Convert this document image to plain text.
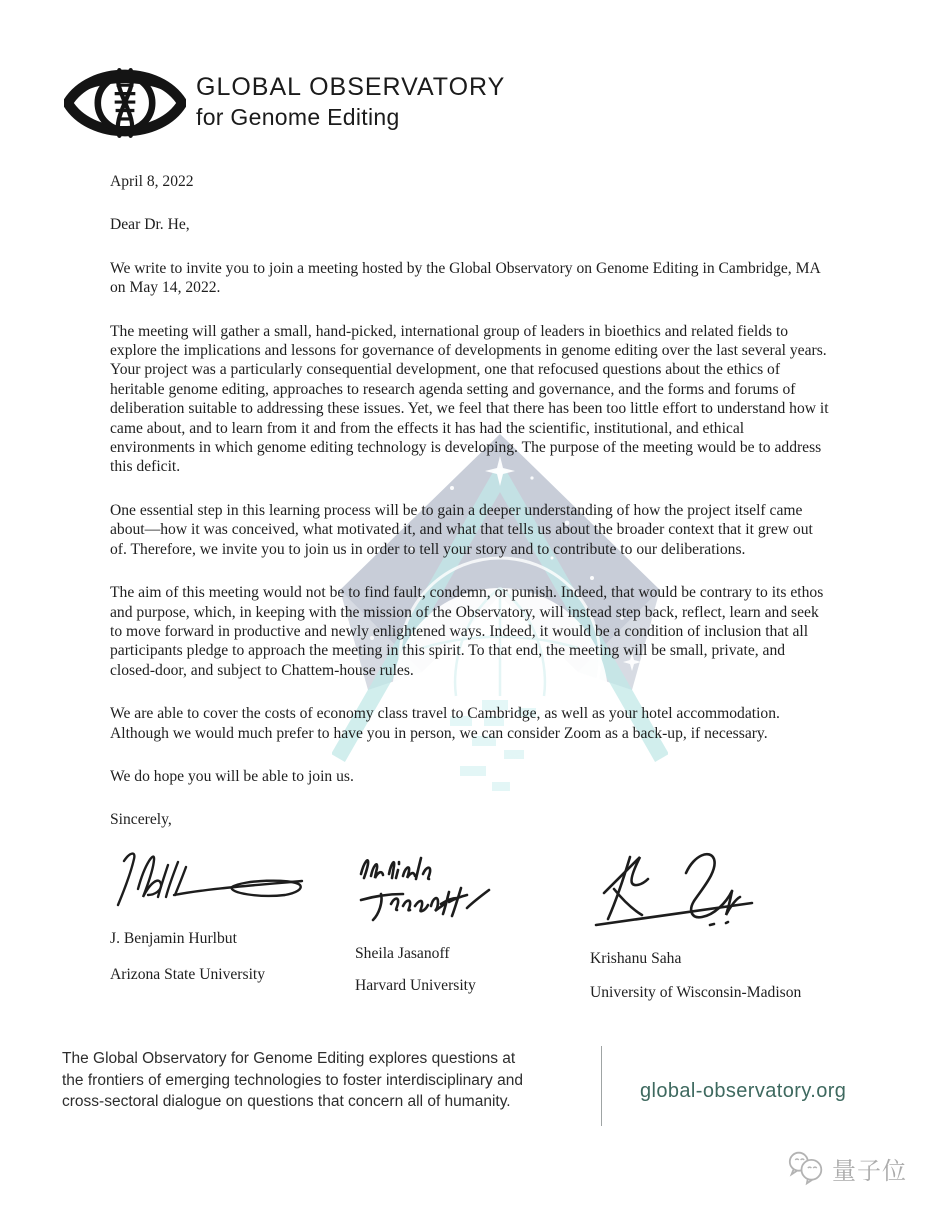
GLOBAL OBSERVATORY
for Genome Editing

April 8, 2022

Dear Dr. He,

We write to invite you to join a meeting hosted by the Global Observatory on Genome Editing in Cambridge, MA on May 14, 2022.

The meeting will gather a small, hand-picked, international group of leaders in bioethics and related fields to explore the implications and lessons for governance of developments in genome editing over the last several years. Your project was a particularly consequential development, one that refocused questions about the ethics of heritable genome editing, approaches to research agenda setting and governance, and the forms and forums of deliberation suitable to addressing these issues. Yet, we feel that there has been too little effort to understand how it came about, and to learn from it and from the effects it has had the scientific, institutional, and ethical environments in which genome editing technology is developing. The purpose of the meeting would be to address this deficit.

One essential step in this learning process will be to gain a deeper understanding of how the project itself came about—how it was conceived, what motivated it, and what that tells us about the broader context that it grew out of. Therefore, we invite you to join us in order to tell your story and to contribute to our deliberations.

The aim of this meeting would not be to find fault, condemn, or punish. Indeed, that would be contrary to its ethos and purpose, which, in keeping with the mission of the Observatory, will instead step back, reflect, learn and seek to move forward in productive and newly enlightened ways. Indeed, it would be a condition of inclusion that all participants pledge to approach the meeting in this spirit. To that end, the meeting will be small, private, and closed-door, and subject to Chattem-house rules.

We are able to cover the costs of economy class travel to Cambridge, as well as your hotel accommodation. Although we would much prefer to have you in person, we can consider Zoom as a back-up, if necessary.

We do hope you will be able to join us.

Sincerely,

J. Benjamin Hurlbut
Arizona State University
Sheila Jasanoff
Harvard University
Krishanu Saha
University of Wisconsin-Madison
The Global Observatory for Genome Editing explores questions at the frontiers of emerging technologies to foster interdisciplinary and cross-sectoral dialogue on questions that concern all of humanity.	global-observatory.org
量子位
